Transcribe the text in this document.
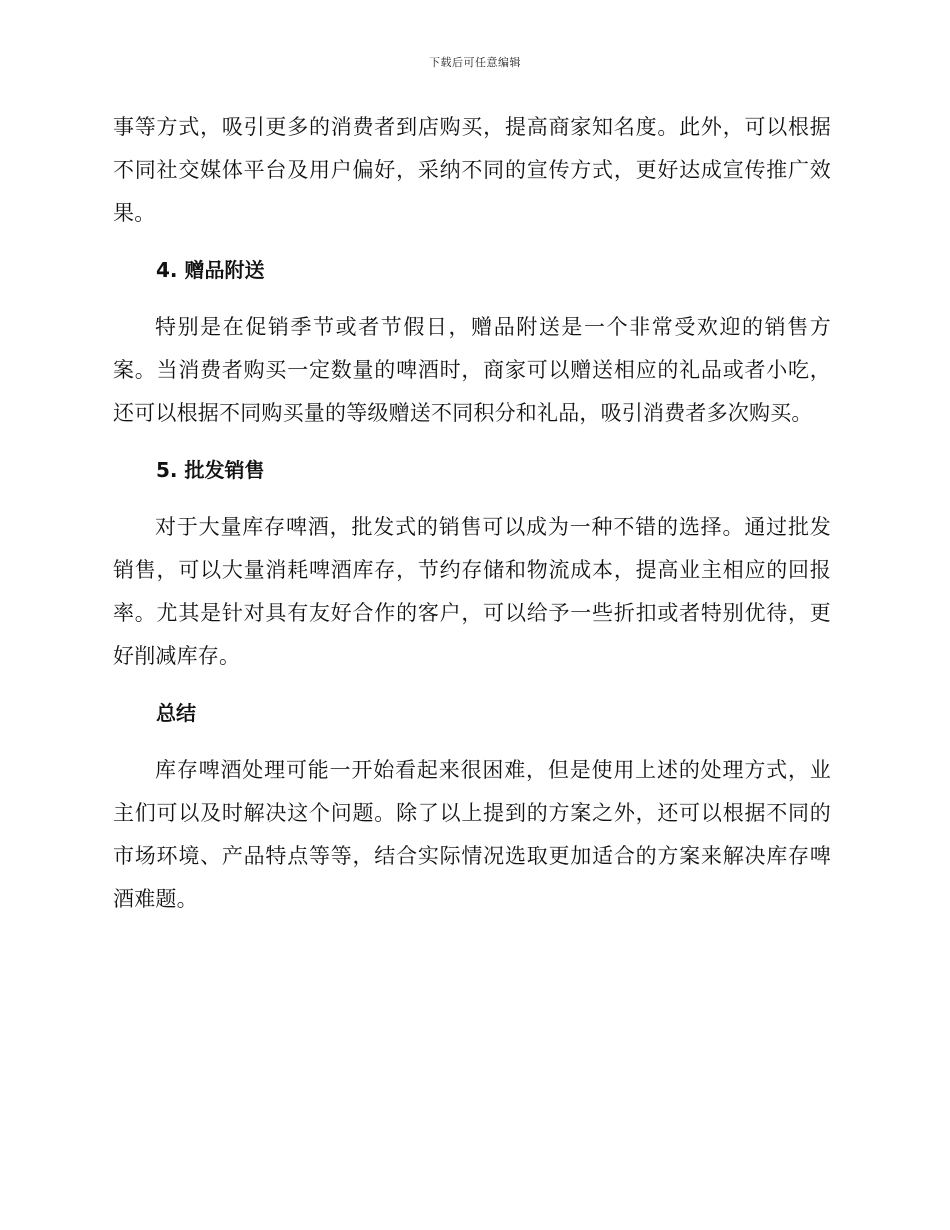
下载后可任意编辑

事等方式，吸引更多的消费者到店购买，提高商家知名度。此外，可以根据不同社交媒体平台及用户偏好，采纳不同的宣传方式，更好达成宣传推广效果。

4. 赠品附送

特别是在促销季节或者节假日，赠品附送是一个非常受欢迎的销售方案。当消费者购买一定数量的啤酒时，商家可以赠送相应的礼品或者小吃，还可以根据不同购买量的等级赠送不同积分和礼品，吸引消费者多次购买。

5. 批发销售

对于大量库存啤酒，批发式的销售可以成为一种不错的选择。通过批发销售，可以大量消耗啤酒库存，节约存储和物流成本，提高业主相应的回报率。尤其是针对具有友好合作的客户，可以给予一些折扣或者特别优待，更好削减库存。

总结

库存啤酒处理可能一开始看起来很困难，但是使用上述的处理方式，业主们可以及时解决这个问题。除了以上提到的方案之外，还可以根据不同的市场环境、产品特点等等，结合实际情况选取更加适合的方案来解决库存啤酒难题。
